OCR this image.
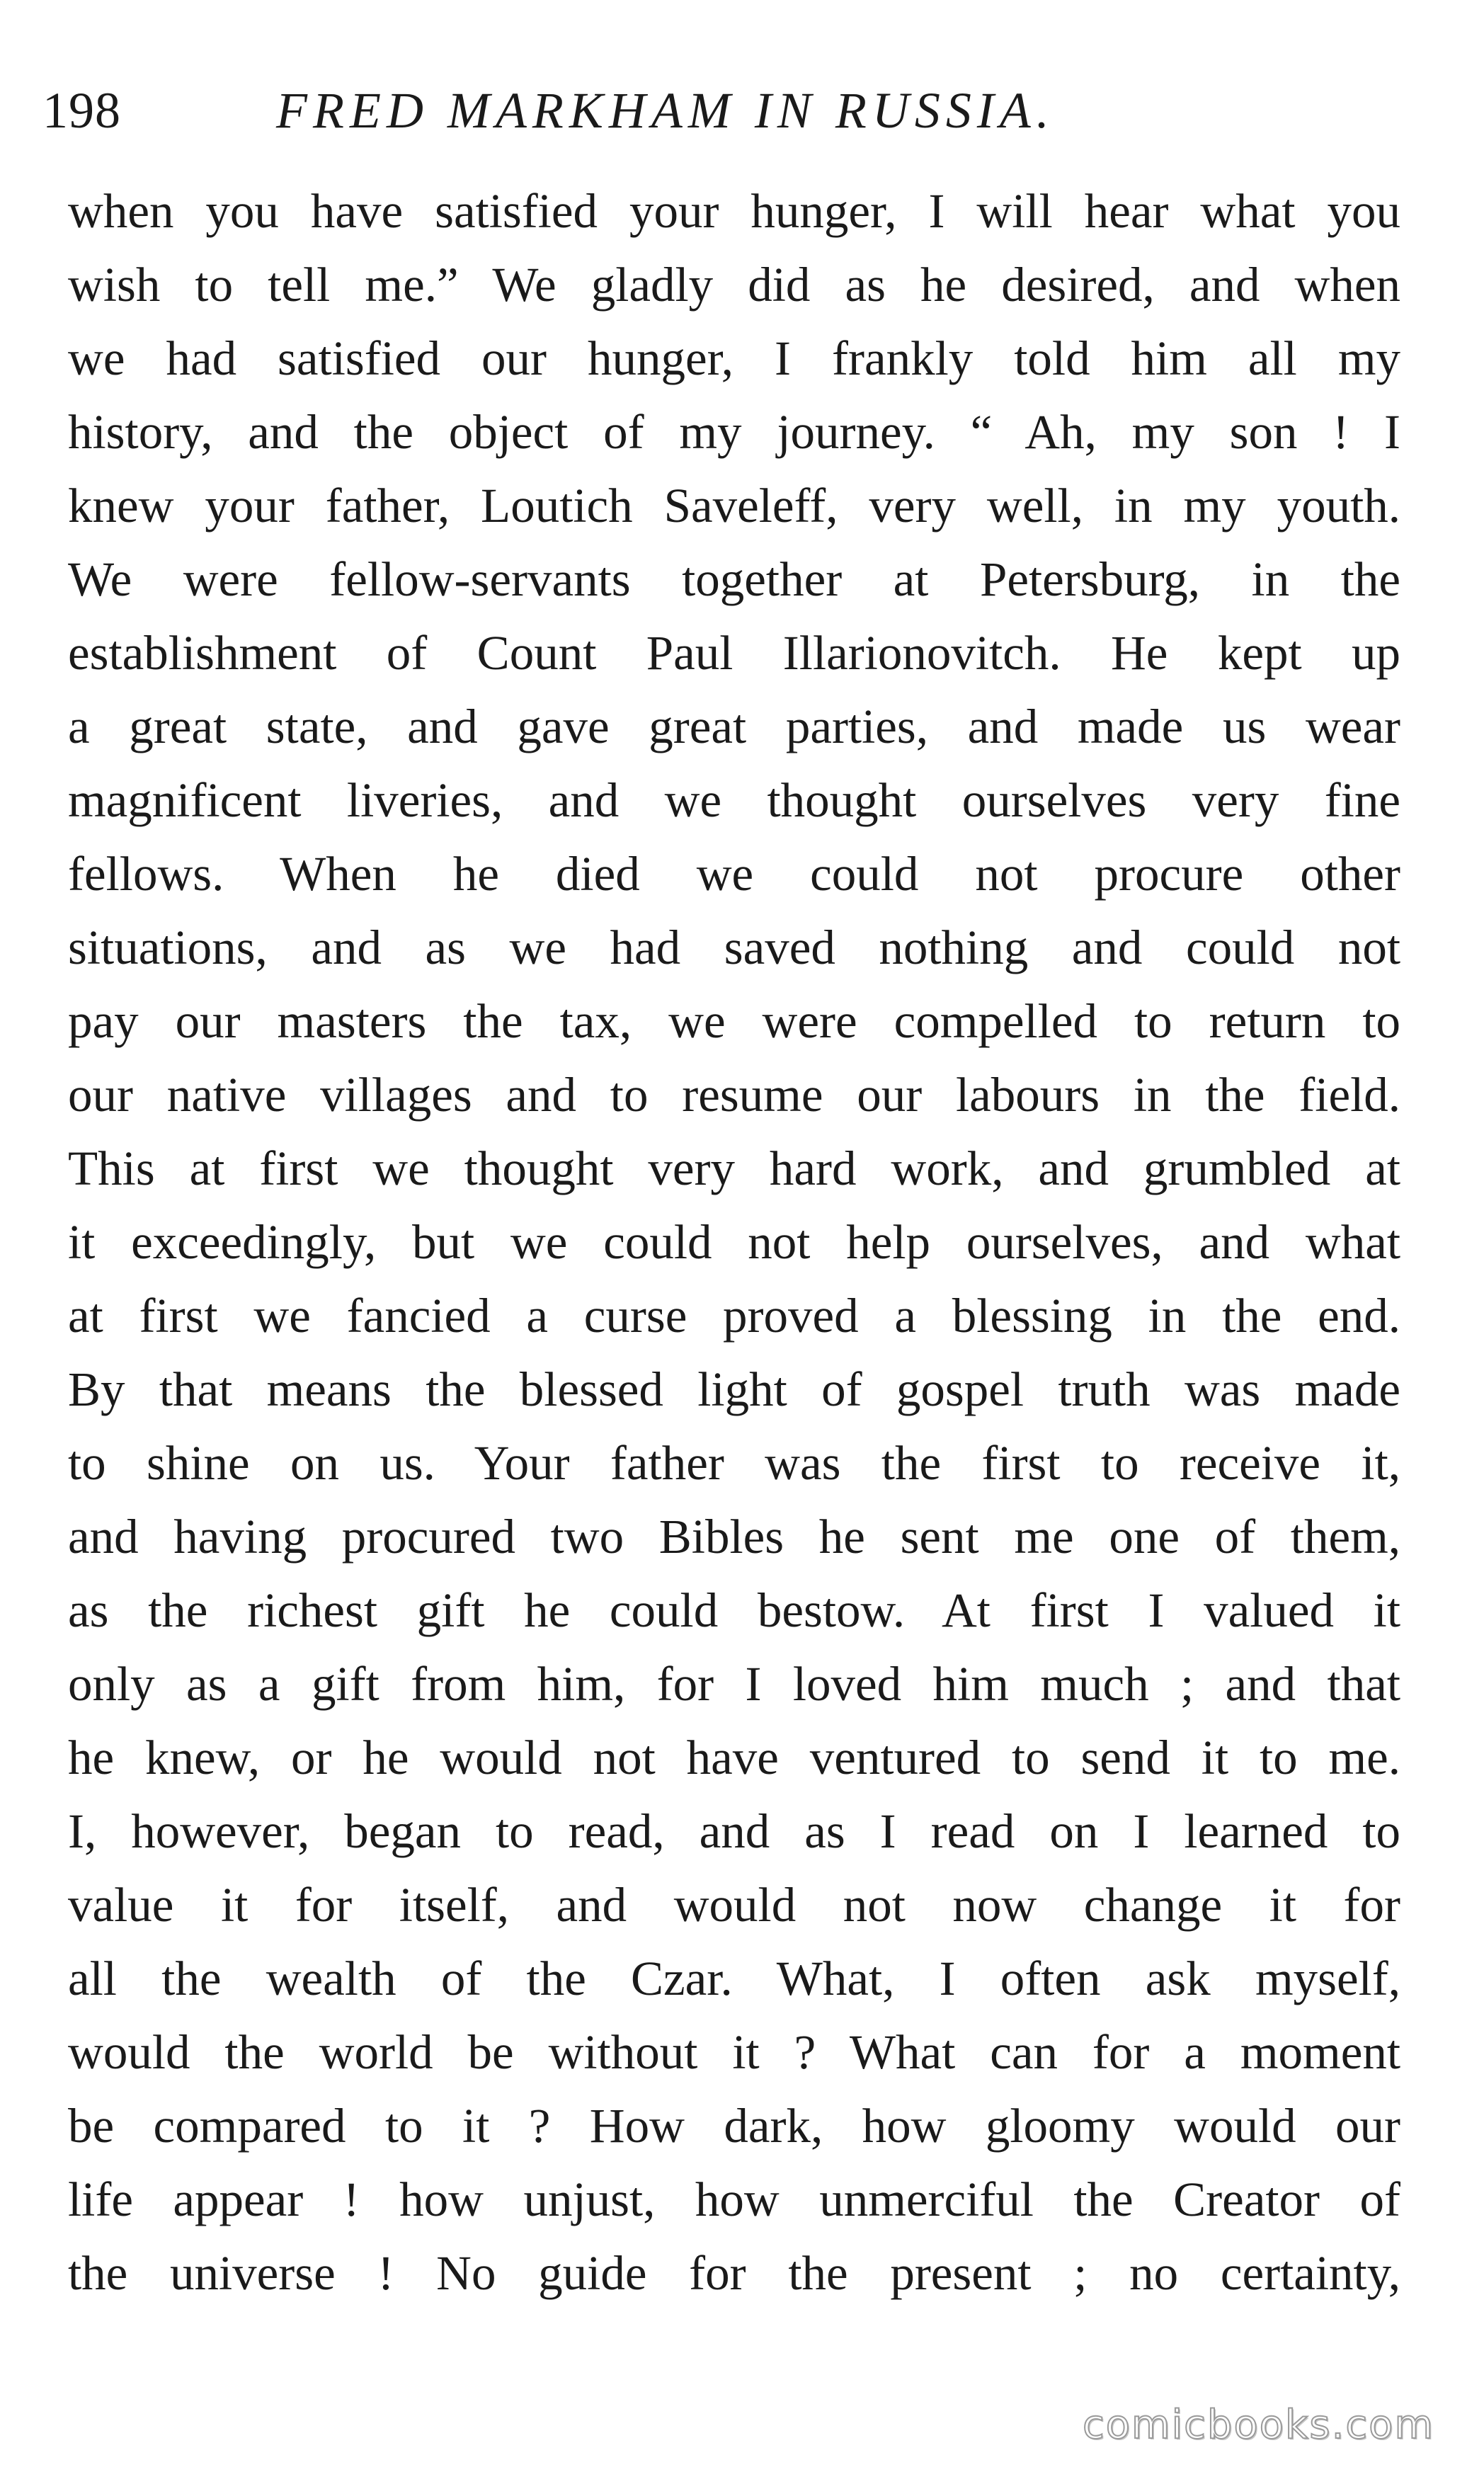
198	FRED MARKHAM IN RUSSIA.
when you have satisfied your hunger, I will hear what you
wish to tell me.” We gladly did as he desired, and when
we had satisfied our hunger, I frankly told him all my
history, and the object of my journey. “ Ah, my son ! I
knew your father, Loutich Saveleff, very well, in my youth.
We were fellow-servants together at Petersburg, in the
establishment of Count Paul Illarionovitch. He kept up
a great state, and gave great parties, and made us wear
magnificent liveries, and we thought ourselves very fine
fellows. When he died we could not procure other
situations, and as we had saved nothing and could not
pay our masters the tax, we were compelled to return to
our native villages and to resume our labours in the field.
This at first we thought very hard work, and grumbled at
it exceedingly, but we could not help ourselves, and what
at first we fancied a curse proved a blessing in the end.
By that means the blessed light of gospel truth was made
to shine on us. Your father was the first to receive it,
and having procured two Bibles he sent me one of them,
as the richest gift he could bestow. At first I valued it
only as a gift from him, for I loved him much ; and that
he knew, or he would not have ventured to send it to me.
I, however, began to read, and as I read on I learned to
value it for itself, and would not now change it for
all the wealth of the Czar. What, I often ask myself,
would the world be without it ? What can for a moment
be compared to it ? How dark, how gloomy would our
life appear ! how unjust, how unmerciful the Creator of
the universe ! No guide for the present ; no certainty,
comicbooks.com
